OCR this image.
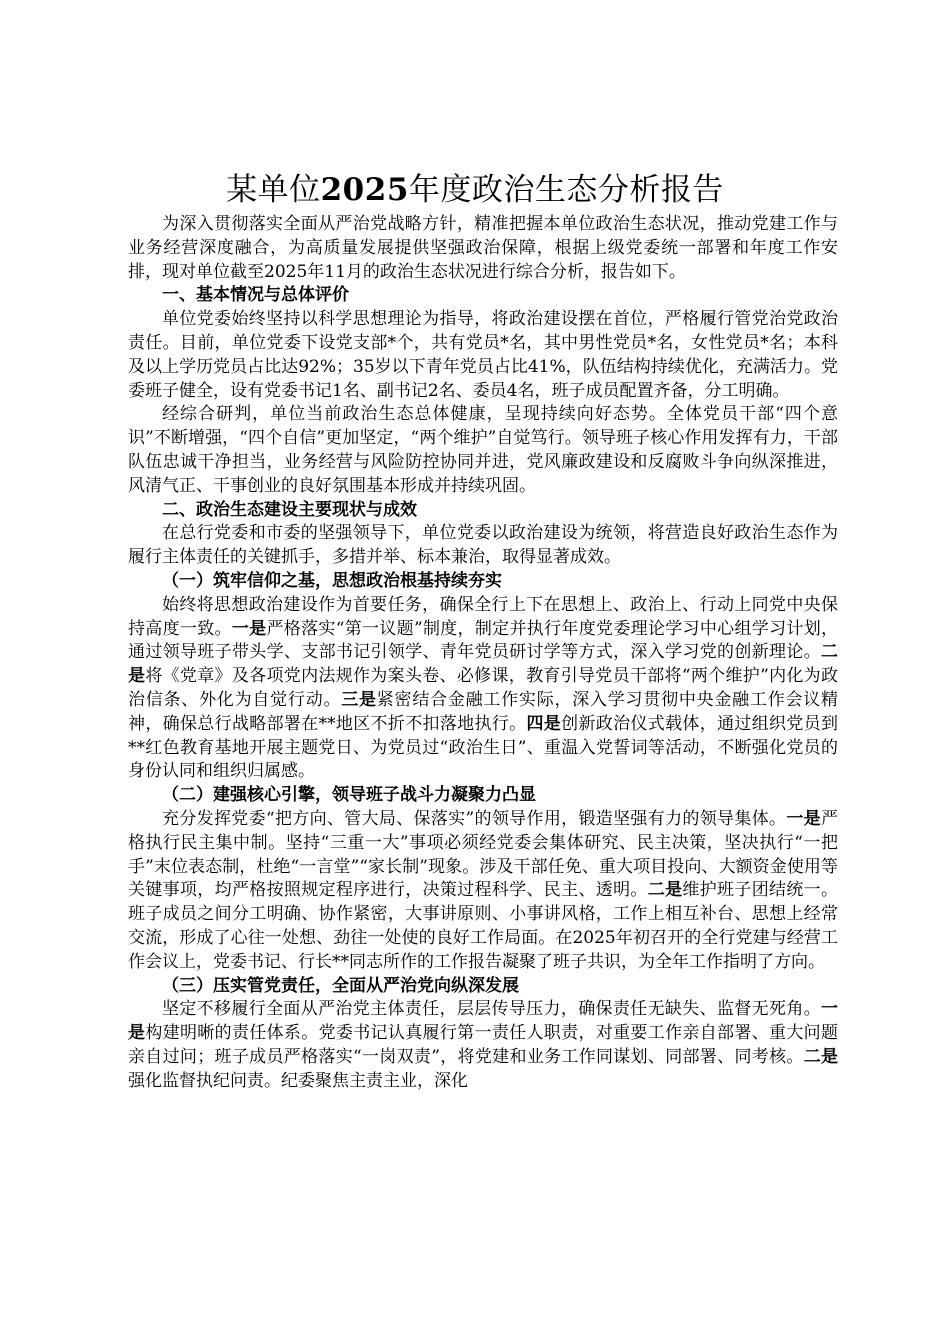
某单位2025年度政治生态分析报告

为深入贯彻落实全面从严治党战略方针，精准把握本单位政治生态状况，推动党建工作与业务经营深度融合，为高质量发展提供坚强政治保障，根据上级党委统一部署和年度工作安排，现对单位截至2025年11月的政治生态状况进行综合分析，报告如下。

一、基本情况与总体评价

单位党委始终坚持以科学思想理论为指导，将政治建设摆在首位，严格履行管党治党政治责任。目前，单位党委下设党支部*个，共有党员*名，其中男性党员*名，女性党员*名；本科及以上学历党员占比达92%；35岁以下青年党员占比41%，队伍结构持续优化，充满活力。党委班子健全，设有党委书记1名、副书记2名、委员4名，班子成员配置齐备，分工明确。

经综合研判，单位当前政治生态总体健康，呈现持续向好态势。全体党员干部“四个意识”不断增强，“四个自信”更加坚定，“两个维护”自觉笃行。领导班子核心作用发挥有力，干部队伍忠诚干净担当，业务经营与风险防控协同并进，党风廉政建设和反腐败斗争向纵深推进，风清气正、干事创业的良好氛围基本形成并持续巩固。

二、政治生态建设主要现状与成效

在总行党委和市委的坚强领导下，单位党委以政治建设为统领，将营造良好政治生态作为履行主体责任的关键抓手，多措并举、标本兼治，取得显著成效。

（一）筑牢信仰之基，思想政治根基持续夯实

始终将思想政治建设作为首要任务，确保全行上下在思想上、政治上、行动上同党中央保持高度一致。一是严格落实“第一议题”制度，制定并执行年度党委理论学习中心组学习计划，通过领导班子带头学、支部书记引领学、青年党员研讨学等方式，深入学习党的创新理论。二是将《党章》及各项党内法规作为案头卷、必修课，教育引导党员干部将“两个维护”内化为政治信条、外化为自觉行动。三是紧密结合金融工作实际，深入学习贯彻中央金融工作会议精神，确保总行战略部署在**地区不折不扣落地执行。四是创新政治仪式载体，通过组织党员到**红色教育基地开展主题党日、为党员过“政治生日”、重温入党誓词等活动，不断强化党员的身份认同和组织归属感。

（二）建强核心引擎，领导班子战斗力凝聚力凸显

充分发挥党委“把方向、管大局、保落实”的领导作用，锻造坚强有力的领导集体。一是严格执行民主集中制。坚持“三重一大”事项必须经党委会集体研究、民主决策，坚决执行“一把手”末位表态制，杜绝“一言堂”“家长制”现象。涉及干部任免、重大项目投向、大额资金使用等关键事项，均严格按照规定程序进行，决策过程科学、民主、透明。二是维护班子团结统一。班子成员之间分工明确、协作紧密，大事讲原则、小事讲风格，工作上相互补台、思想上经常交流，形成了心往一处想、劲往一处使的良好工作局面。在2025年初召开的全行党建与经营工作会议上，党委书记、行长**同志所作的工作报告凝聚了班子共识，为全年工作指明了方向。

（三）压实管党责任，全面从严治党向纵深发展

坚定不移履行全面从严治党主体责任，层层传导压力，确保责任无缺失、监督无死角。一是构建明晰的责任体系。党委书记认真履行第一责任人职责，对重要工作亲自部署、重大问题亲自过问；班子成员严格落实“一岗双责”，将党建和业务工作同谋划、同部署、同考核。二是强化监督执纪问责。纪委聚焦主责主业，深化
